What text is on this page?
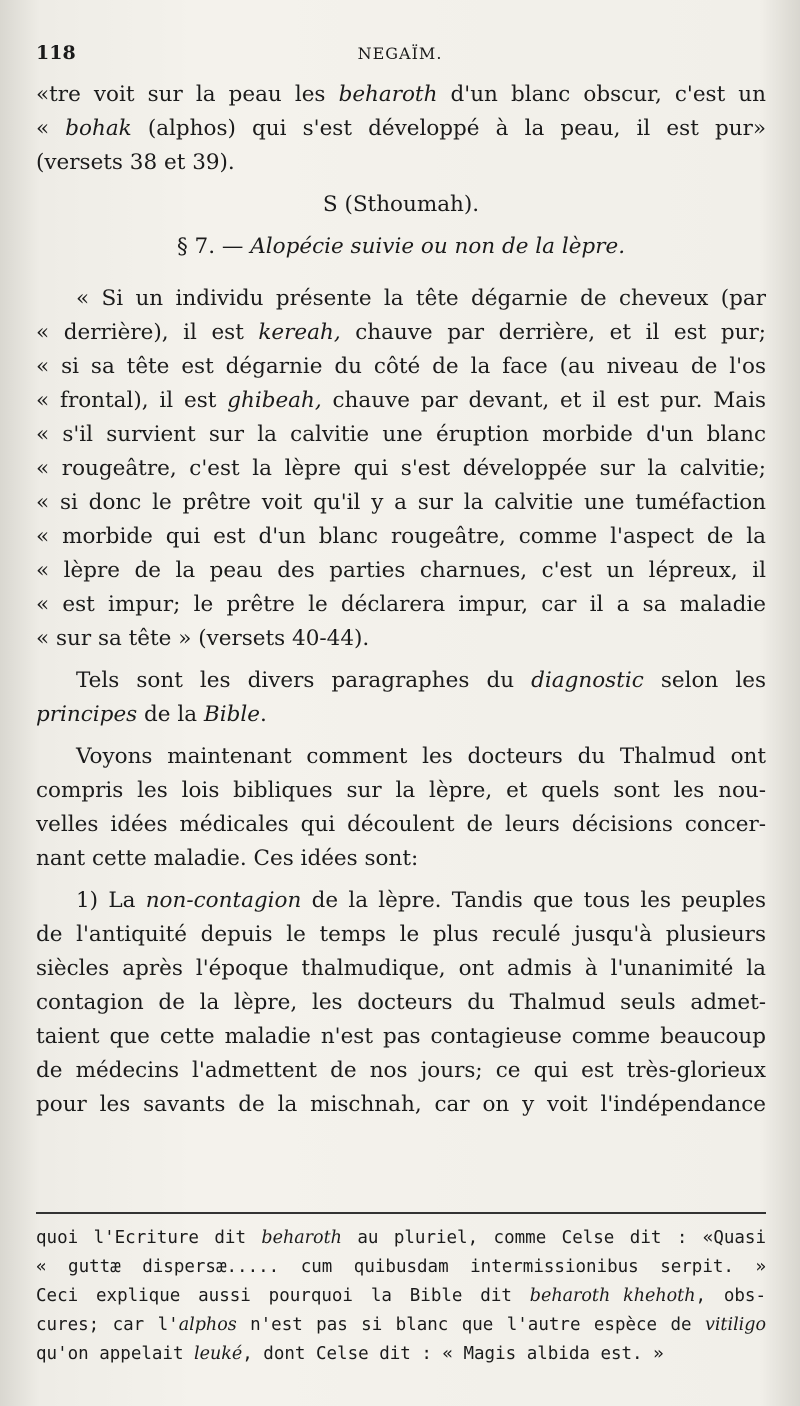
118	NEGAÏM.
«tre voit sur la peau les beharoth d'un blanc obscur, c'est un
« bohak (alphos) qui s'est développé à la peau, il est pur»
(versets 38 et 39).
S (Sthoumah).
§ 7. — Alopécie suivie ou non de la lèpre.
« Si un individu présente la tête dégarnie de cheveux (par
« derrière), il est kereah, chauve par derrière, et il est pur;
« si sa tête est dégarnie du côté de la face (au niveau de l'os
« frontal), il est ghibeah, chauve par devant, et il est pur. Mais
« s'il survient sur la calvitie une éruption morbide d'un blanc
« rougeâtre, c'est la lèpre qui s'est développée sur la calvitie;
« si donc le prêtre voit qu'il y a sur la calvitie une tuméfaction
« morbide qui est d'un blanc rougeâtre, comme l'aspect de la
« lèpre de la peau des parties charnues, c'est un lépreux, il
« est impur; le prêtre le déclarera impur, car il a sa maladie
« sur sa tête » (versets 40-44).
Tels sont les divers paragraphes du diagnostic selon les
principes de la Bible.
Voyons maintenant comment les docteurs du Thalmud ont
compris les lois bibliques sur la lèpre, et quels sont les nou-
velles idées médicales qui découlent de leurs décisions concer-
nant cette maladie. Ces idées sont:
1) La non-contagion de la lèpre. Tandis que tous les peuples
de l'antiquité depuis le temps le plus reculé jusqu'à plusieurs
siècles après l'époque thalmudique, ont admis à l'unanimité la
contagion de la lèpre, les docteurs du Thalmud seuls admet-
taient que cette maladie n'est pas contagieuse comme beaucoup
de médecins l'admettent de nos jours; ce qui est très-glorieux
pour les savants de la mischnah, car on y voit l'indépendance
quoi l'Ecriture dit beharoth au pluriel, comme Celse dit : «Quasi
« guttæ dispersæ..... cum quibusdam intermissionibus serpit. »
Ceci explique aussi pourquoi la Bible dit beharoth khehoth, obs-
cures; car l'alphos n'est pas si blanc que l'autre espèce de vitiligo
qu'on appelait leuké, dont Celse dit : « Magis albida est. »
